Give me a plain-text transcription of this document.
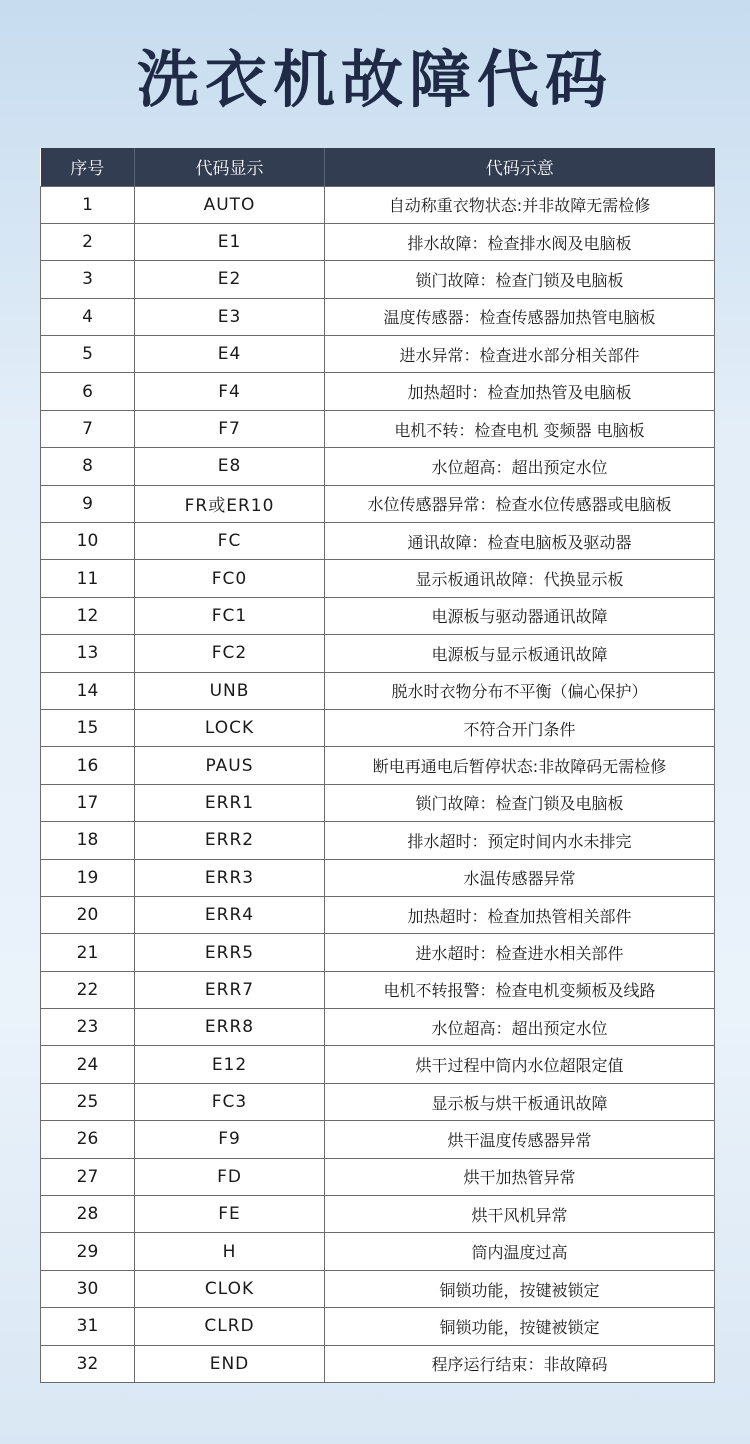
洗衣机故障代码
序号	代码显示	代码示意
1	AUTO	自动称重衣物状态:并非故障无需检修
2	E1	排水故障：检查排水阀及电脑板
3	E2	锁门故障：检查门锁及电脑板
4	E3	温度传感器：检查传感器加热管电脑板
5	E4	进水异常：检查进水部分相关部件
6	F4	加热超时：检查加热管及电脑板
7	F7	电机不转：检查电机 变频器 电脑板
8	E8	水位超高：超出预定水位
9	FR或ER10	水位传感器异常：检查水位传感器或电脑板
10	FC	通讯故障：检查电脑板及驱动器
11	FC0	显示板通讯故障：代换显示板
12	FC1	电源板与驱动器通讯故障
13	FC2	电源板与显示板通讯故障
14	UNB	脱水时衣物分布不平衡（偏心保护）
15	LOCK	不符合开门条件
16	PAUS	断电再通电后暂停状态:非故障码无需检修
17	ERR1	锁门故障：检查门锁及电脑板
18	ERR2	排水超时：预定时间内水未排完
19	ERR3	水温传感器异常
20	ERR4	加热超时：检查加热管相关部件
21	ERR5	进水超时：检查进水相关部件
22	ERR7	电机不转报警：检查电机变频板及线路
23	ERR8	水位超高：超出预定水位
24	E12	烘干过程中筒内水位超限定值
25	FC3	显示板与烘干板通讯故障
26	F9	烘干温度传感器异常
27	FD	烘干加热管异常
28	FE	烘干风机异常
29	H	筒内温度过高
30	CLOK	铜锁功能，按键被锁定
31	CLRD	铜锁功能，按键被锁定
32	END	程序运行结束：非故障码
